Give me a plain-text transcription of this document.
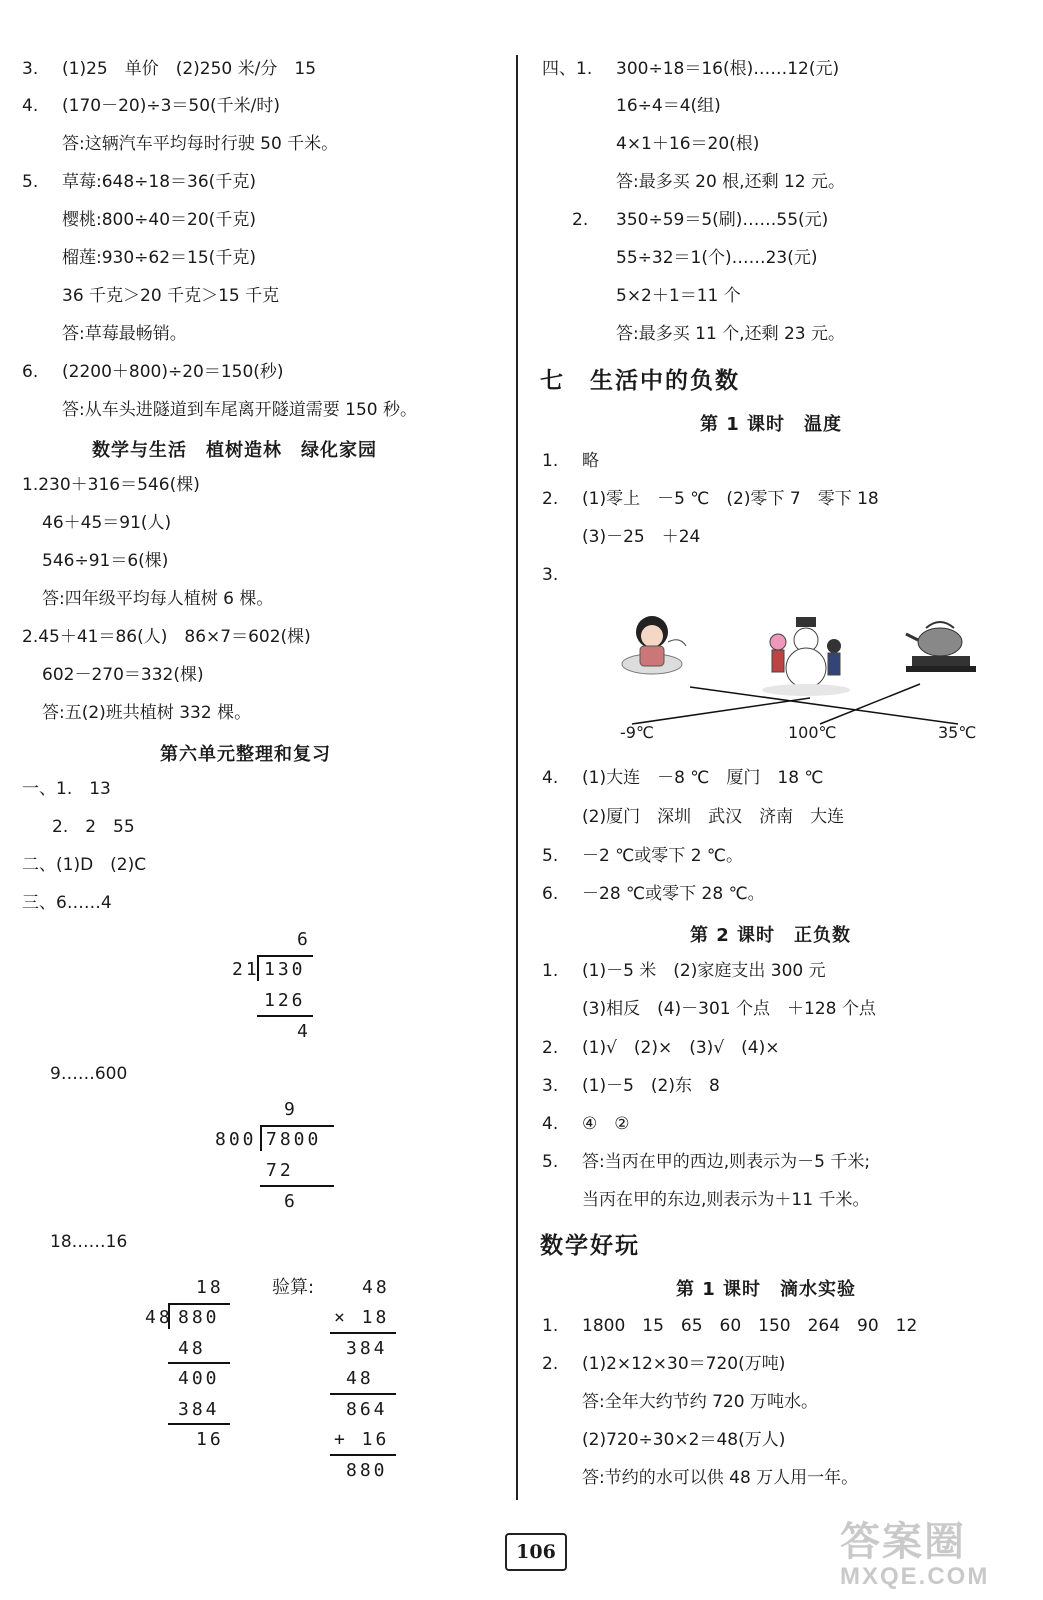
3. (1)25　单价　(2)250 米/分　15
4. (170－20)÷3＝50(千米/时)
答:这辆汽车平均每时行驶 50 千米。
5. 草莓:648÷18＝36(千克)
樱桃:800÷40＝20(千克)
榴莲:930÷62＝15(千克)
36 千克＞20 千克＞15 千克
答:草莓最畅销。
6. (2200＋800)÷20＝150(秒)
答:从车头进隧道到车尾离开隧道需要 150 秒。
数学与生活　植树造林　绿化家园
1.230＋316＝546(棵)
46＋45＝91(人)
546÷91＝6(棵)
答:四年级平均每人植树 6 棵。
2.45＋41＝86(人)　86×7＝602(棵)
602－270＝332(棵)
答:五(2)班共植树 332 棵。
第六单元整理和复习
一、1.　13
2.　2　55
二、(1)D　(2)C
三、6……4
6
21 130
126
4
9……600
9
800 7800
72
6
18……16
18
48 880
48
400
384
16
验算:	48
× 18
384
48
864
+ 16
880
四、1. 300÷18＝16(根)……12(元)
16÷4＝4(组)
4×1＋16＝20(根)
答:最多买 20 根,还剩 12 元。
2. 350÷59＝5(刷)……55(元)
55÷32＝1(个)……23(元)
5×2＋1＝11 个
答:最多买 11 个,还剩 23 元。
七　生活中的负数
第 1 课时　温度
1. 略
2. (1)零上　－5 ℃　(2)零下 7　零下 18
(3)－25　＋24
3.
-9℃	100℃	35℃
4. (1)大连　－8 ℃　厦门　18 ℃
(2)厦门　深圳　武汉　济南　大连
5. －2 ℃或零下 2 ℃。
6. －28 ℃或零下 28 ℃。
第 2 课时　正负数
1. (1)－5 米　(2)家庭支出 300 元
(3)相反　(4)－301 个点　＋128 个点
2. (1)√　(2)×　(3)√　(4)×
3. (1)－5　(2)东　8
4. ④　②
5. 答:当丙在甲的西边,则表示为－5 千米;
当丙在甲的东边,则表示为＋11 千米。
数学好玩
第 1 课时　滴水实验
1. 1800　15　65　60　150　264　90　12
2. (1)2×12×30＝720(万吨)
答:全年大约节约 720 万吨水。
(2)720÷30×2＝48(万人)
答:节约的水可以供 48 万人用一年。
106	答案圈
MXQE.COM
